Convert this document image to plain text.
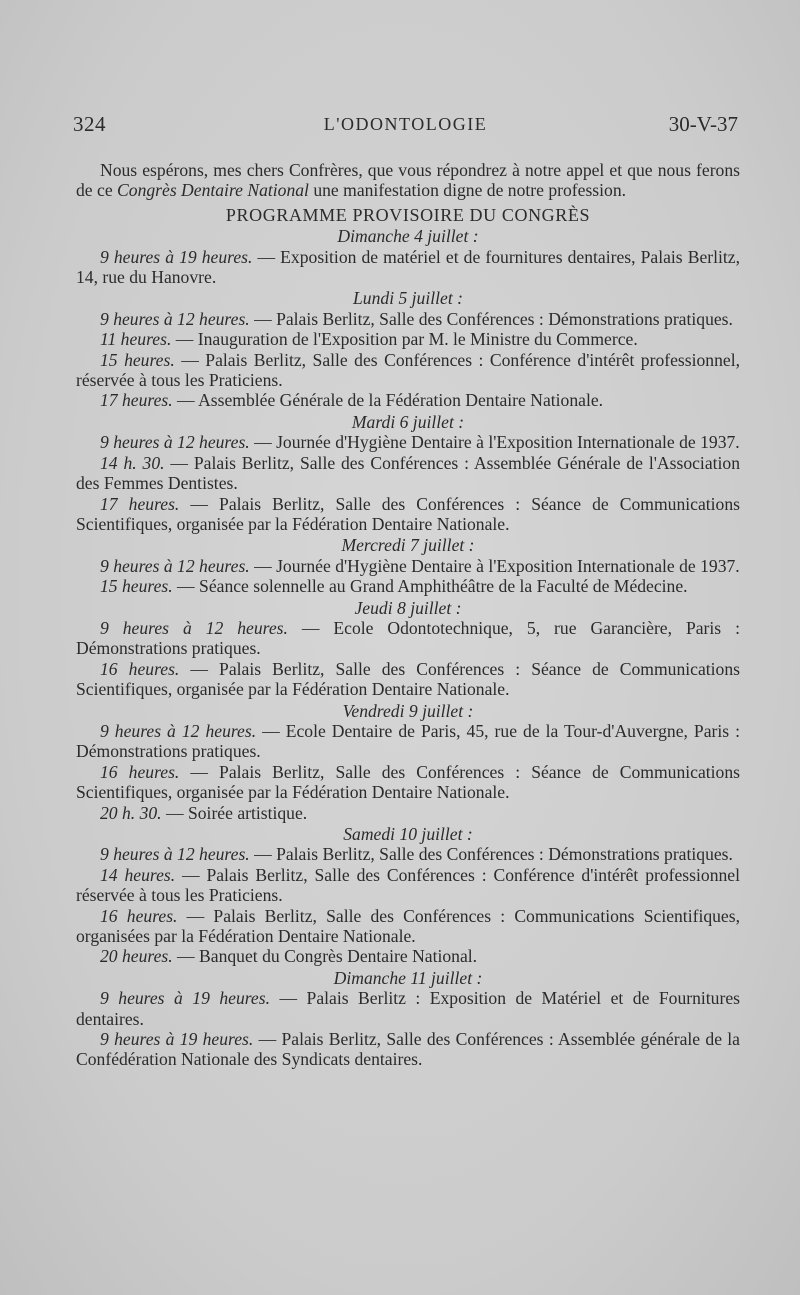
324	L'ODONTOLOGIE	30-V-37

Nous espérons, mes chers Confrères, que vous répondrez à notre appel et que nous ferons de ce Congrès Dentaire National une manifestation digne de notre profession.

PROGRAMME PROVISOIRE DU CONGRÈS
Dimanche 4 juillet :

9 heures à 19 heures. — Exposition de matériel et de fournitures dentaires, Palais Berlitz, 14, rue du Hanovre.

Lundi 5 juillet :

9 heures à 12 heures. — Palais Berlitz, Salle des Conférences : Démonstrations pratiques.

11 heures. — Inauguration de l'Exposition par M. le Ministre du Commerce.

15 heures. — Palais Berlitz, Salle des Conférences : Conférence d'intérêt professionnel, réservée à tous les Praticiens.

17 heures. — Assemblée Générale de la Fédération Dentaire Nationale.

Mardi 6 juillet :

9 heures à 12 heures. — Journée d'Hygiène Dentaire à l'Exposition Internationale de 1937.

14 h. 30. — Palais Berlitz, Salle des Conférences : Assemblée Générale de l'Association des Femmes Dentistes.

17 heures. — Palais Berlitz, Salle des Conférences : Séance de Communications Scientifiques, organisée par la Fédération Dentaire Nationale.

Mercredi 7 juillet :

9 heures à 12 heures. — Journée d'Hygiène Dentaire à l'Exposition Internationale de 1937.

15 heures. — Séance solennelle au Grand Amphithéâtre de la Faculté de Médecine.

Jeudi 8 juillet :

9 heures à 12 heures. — Ecole Odontotechnique, 5, rue Garancière, Paris : Démonstrations pratiques.

16 heures. — Palais Berlitz, Salle des Conférences : Séance de Communications Scientifiques, organisée par la Fédération Dentaire Nationale.

Vendredi 9 juillet :

9 heures à 12 heures. — Ecole Dentaire de Paris, 45, rue de la Tour-d'Auvergne, Paris : Démonstrations pratiques.

16 heures. — Palais Berlitz, Salle des Conférences : Séance de Communications Scientifiques, organisée par la Fédération Dentaire Nationale.

20 h. 30. — Soirée artistique.

Samedi 10 juillet :

9 heures à 12 heures. — Palais Berlitz, Salle des Conférences : Démonstrations pratiques.

14 heures. — Palais Berlitz, Salle des Conférences : Conférence d'intérêt professionnel réservée à tous les Praticiens.

16 heures. — Palais Berlitz, Salle des Conférences : Communications Scientifiques, organisées par la Fédération Dentaire Nationale.

20 heures. — Banquet du Congrès Dentaire National.

Dimanche 11 juillet :

9 heures à 19 heures. — Palais Berlitz : Exposition de Matériel et de Fournitures dentaires.

9 heures à 19 heures. — Palais Berlitz, Salle des Conférences : Assemblée générale de la Confédération Nationale des Syndicats dentaires.
